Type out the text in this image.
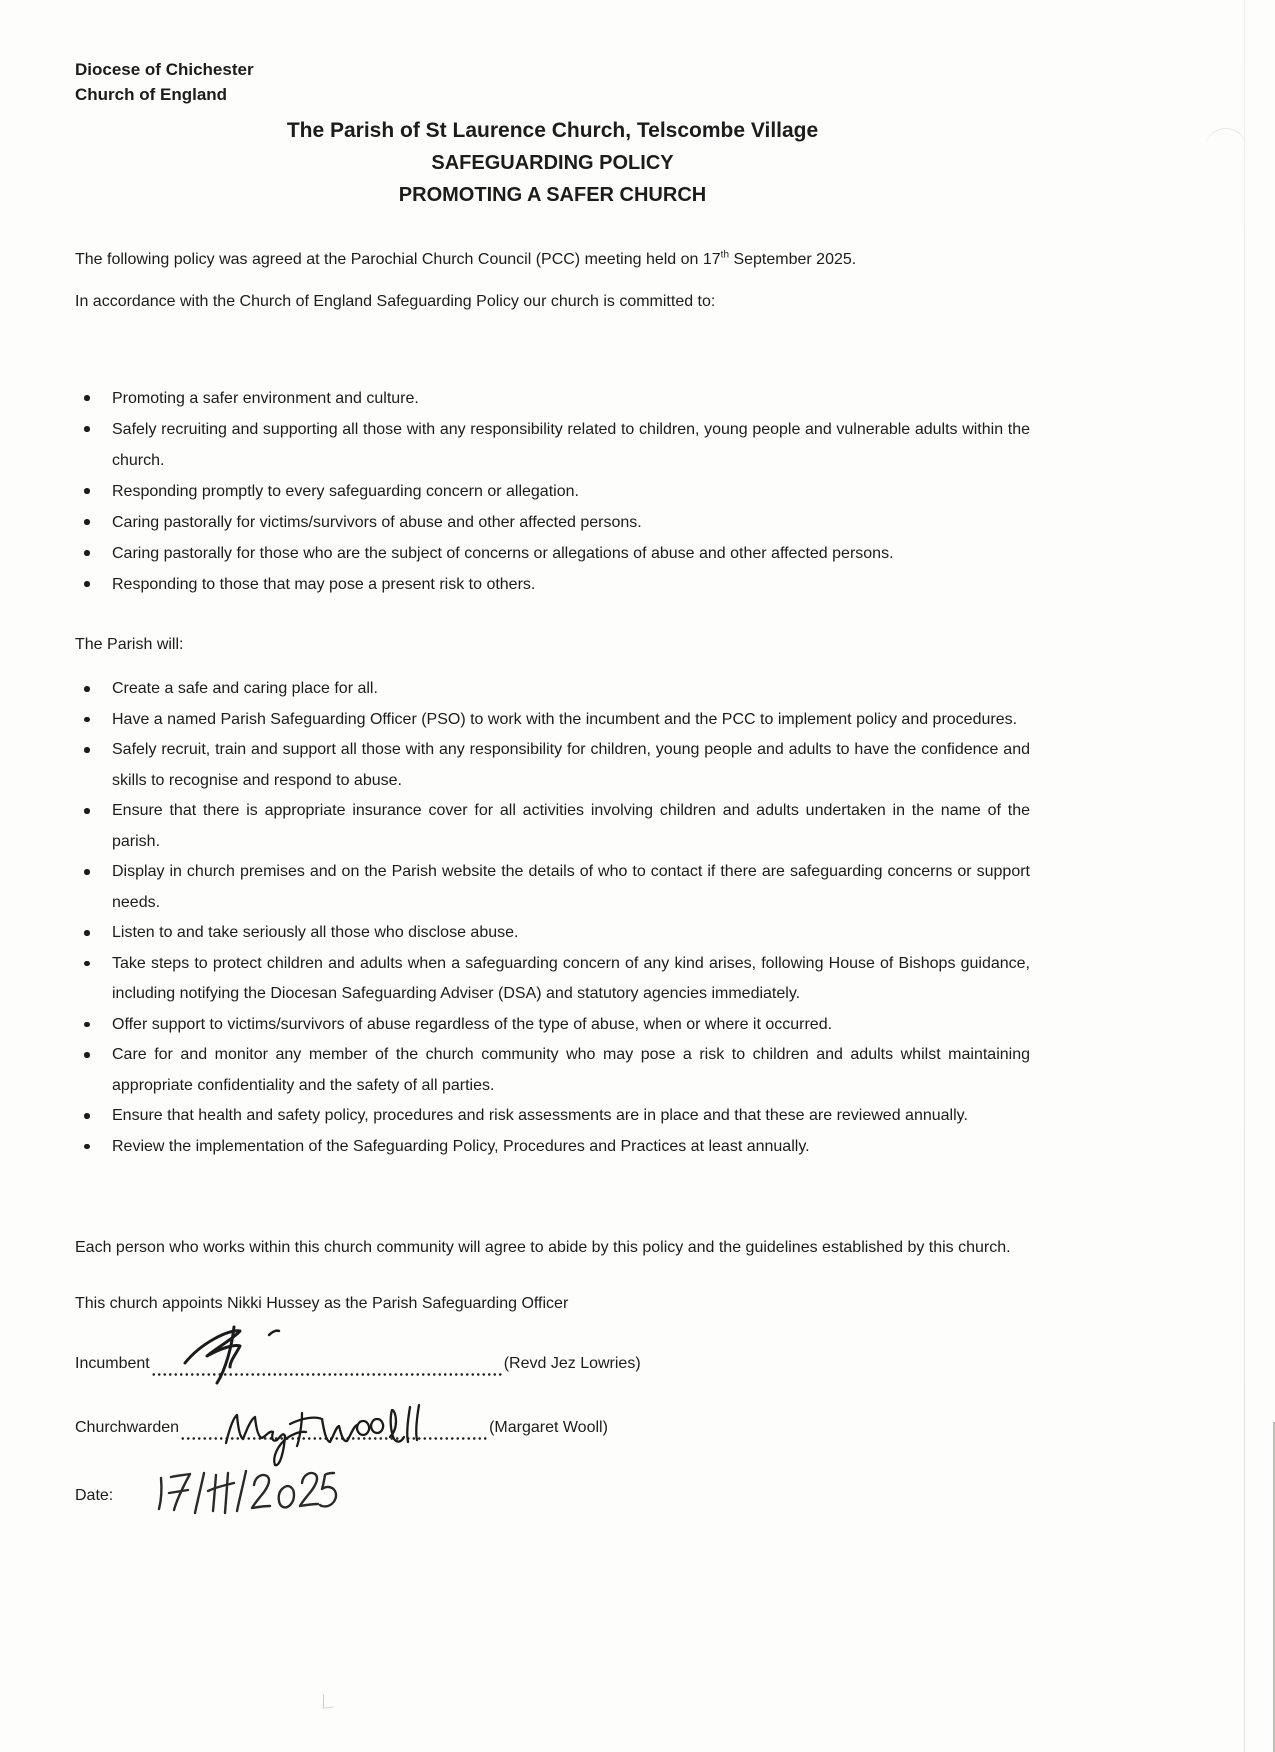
Diocese of Chichester
Church of England
The Parish of St Laurence Church, Telscombe Village
SAFEGUARDING POLICY
PROMOTING A SAFER CHURCH

The following policy was agreed at the Parochial Church Council (PCC) meeting held on 17th September 2025.

In accordance with the Church of England Safeguarding Policy our church is committed to:

Promoting a safer environment and culture.
Safely recruiting and supporting all those with any responsibility related to children, young people and vulnerable adults within the church.
Responding promptly to every safeguarding concern or allegation.
Caring pastorally for victims/survivors of abuse and other affected persons.
Caring pastorally for those who are the subject of concerns or allegations of abuse and other affected persons.
Responding to those that may pose a present risk to others.

The Parish will:

Create a safe and caring place for all.
Have a named Parish Safeguarding Officer (PSO) to work with the incumbent and the PCC to implement policy and procedures.
Safely recruit, train and support all those with any responsibility for children, young people and adults to have the confidence and skills to recognise and respond to abuse.
Ensure that there is appropriate insurance cover for all activities involving children and adults undertaken in the name of the parish.
Display in church premises and on the Parish website the details of who to contact if there are safeguarding concerns or support needs.
Listen to and take seriously all those who disclose abuse.
Take steps to protect children and adults when a safeguarding concern of any kind arises, following House of Bishops guidance, including notifying the Diocesan Safeguarding Adviser (DSA) and statutory agencies immediately.
Offer support to victims/survivors of abuse regardless of the type of abuse, when or where it occurred.
Care for and monitor any member of the church community who may pose a risk to children and adults whilst maintaining appropriate confidentiality and the safety of all parties.
Ensure that health and safety policy, procedures and risk assessments are in place and that these are reviewed annually.
Review the implementation of the Safeguarding Policy, Procedures and Practices at least annually.

Each person who works within this church community will agree to abide by this policy and the guidelines established by this church.

This church appoints Nikki Hussey as the Parish Safeguarding Officer

Incumbent	(Revd Jez Lowries)
Churchwarden	(Margaret Wooll)
Date:
